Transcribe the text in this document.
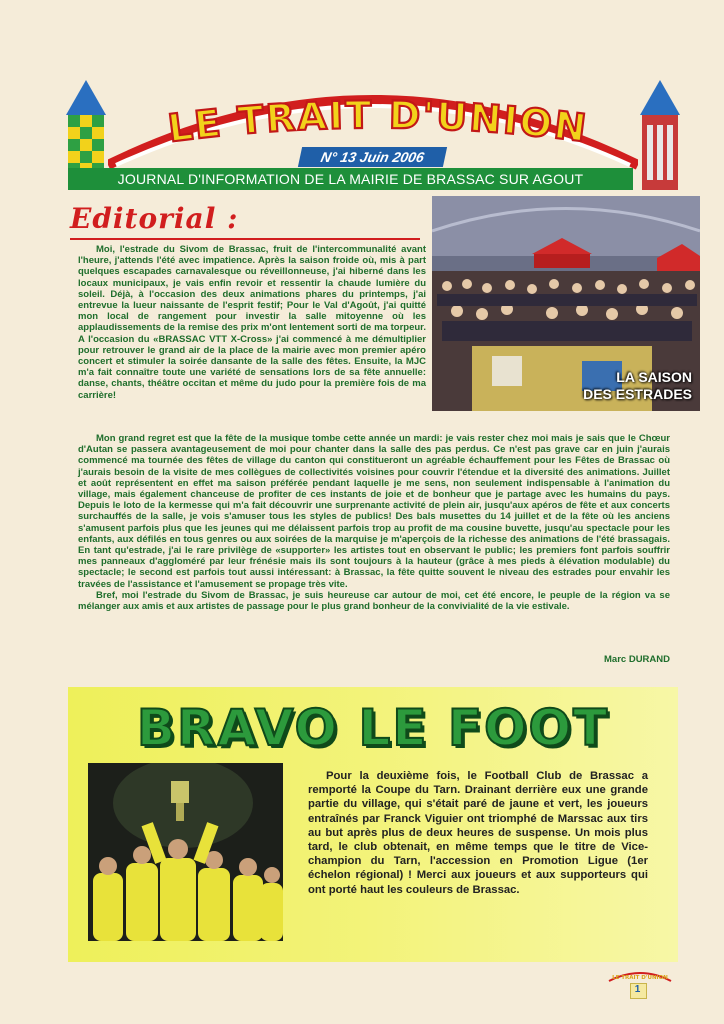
LE TRAIT D'UNION
N° 13 Juin 2006
JOURNAL D'INFORMATION DE LA MAIRIE DE BRASSAC SUR AGOUT
Editorial :
LA SAISON
DES ESTRADES

Moi, l'estrade du Sivom de Brassac, fruit de l'intercommunalité avant l'heure, j'attends l'été avec impatience. Après la saison froide où, mis à part quelques escapades carnavalesque ou réveillonneuse, j'ai hiberné dans les locaux municipaux, je vais enfin revoir et ressentir la chaude lumière du soleil. Déjà, à l'occasion des deux animations phares du printemps, j'ai entrevue la lueur naissante de l'esprit festif; Pour le Val d'Agoût, j'ai quitté mon local de rangement pour investir la salle mitoyenne où les applaudissements de la remise des prix m'ont lentement sorti de ma torpeur. A l'occasion du «BRASSAC VTT X-Cross» j'ai commencé à me démultiplier pour retrouver le grand air de la place de la mairie avec mon premier apéro concert et stimuler la soirée dansante de la salle des fêtes. Ensuite, la MJC m'a fait connaître toute une variété de sensations lors de sa fête annuelle: danse, chants, théâtre occitan et même du judo pour la première fois de ma carrière!

Mon grand regret est que la fête de la musique tombe cette année un mardi: je vais rester chez moi mais je sais que le Chœur d'Autan se passera avantageusement de moi pour chanter dans la salle des pas perdus. Ce n'est pas grave car en juin j'aurais commencé ma tournée des fêtes de village du canton qui constitueront un agréable échauffement pour les Fêtes de Brassac où j'aurais besoin de la visite de mes collègues de collectivités voisines pour couvrir l'étendue et la diversité des animations. Juillet et août représentent en effet ma saison préférée pendant laquelle je me sens, non seulement indispensable à l'animation du village, mais également chanceuse de profiter de ces instants de joie et de bonheur que je partage avec les humains du pays. Depuis le loto de la kermesse qui m'a fait découvrir une surprenante activité de plein air, jusqu'aux apéros de fête et aux concerts surchauffés de la salle, je vois s'amuser tous les styles de publics! Des bals musettes du 14 juillet et de la fête où les anciens s'amusent parfois plus que les jeunes qui me délaissent parfois trop au profit de ma cousine buvette, jusqu'au spectacle pour les enfants, aux défilés en tous genres ou aux soirées de la marquise je m'aperçois de la richesse des animations de l'été brassagais. En tant qu'estrade, j'ai le rare privilège de «supporter» les artistes tout en observant le public; les premiers font parfois souffrir mes panneaux d'aggloméré par leur frénésie mais ils sont toujours à la hauteur (grâce à mes pieds à élévation modulable) du spectacle; le second est parfois tout aussi intéressant: à Brassac, la fête quitte souvent le niveau des estrades pour envahir les travées de l'assistance et l'amusement se propage très vite.

Bref, moi l'estrade du Sivom de Brassac, je suis heureuse car autour de moi, cet été encore, le peuple de la région va se mélanger aux amis et aux artistes de passage pour le plus grand bonheur de la convivialité de la vie estivale.

Marc DURAND
BRAVO LE FOOT
Pour la deuxième fois, le Football Club de Brassac a remporté la Coupe du Tarn. Drainant derrière eux une grande partie du village, qui s'était paré de jaune et vert, les joueurs entraînés par Franck Viguier ont triomphé de Marssac aux tirs au but après plus de deux heures de suspense. Un mois plus tard, le club obtenait, en même temps que le titre de Vice-champion du Tarn, l'accession en Promotion Ligue (1er échelon régional) ! Merci aux joueurs et aux supporteurs qui ont porté haut les couleurs de Brassac.
LE TRAIT D'UNION
1
